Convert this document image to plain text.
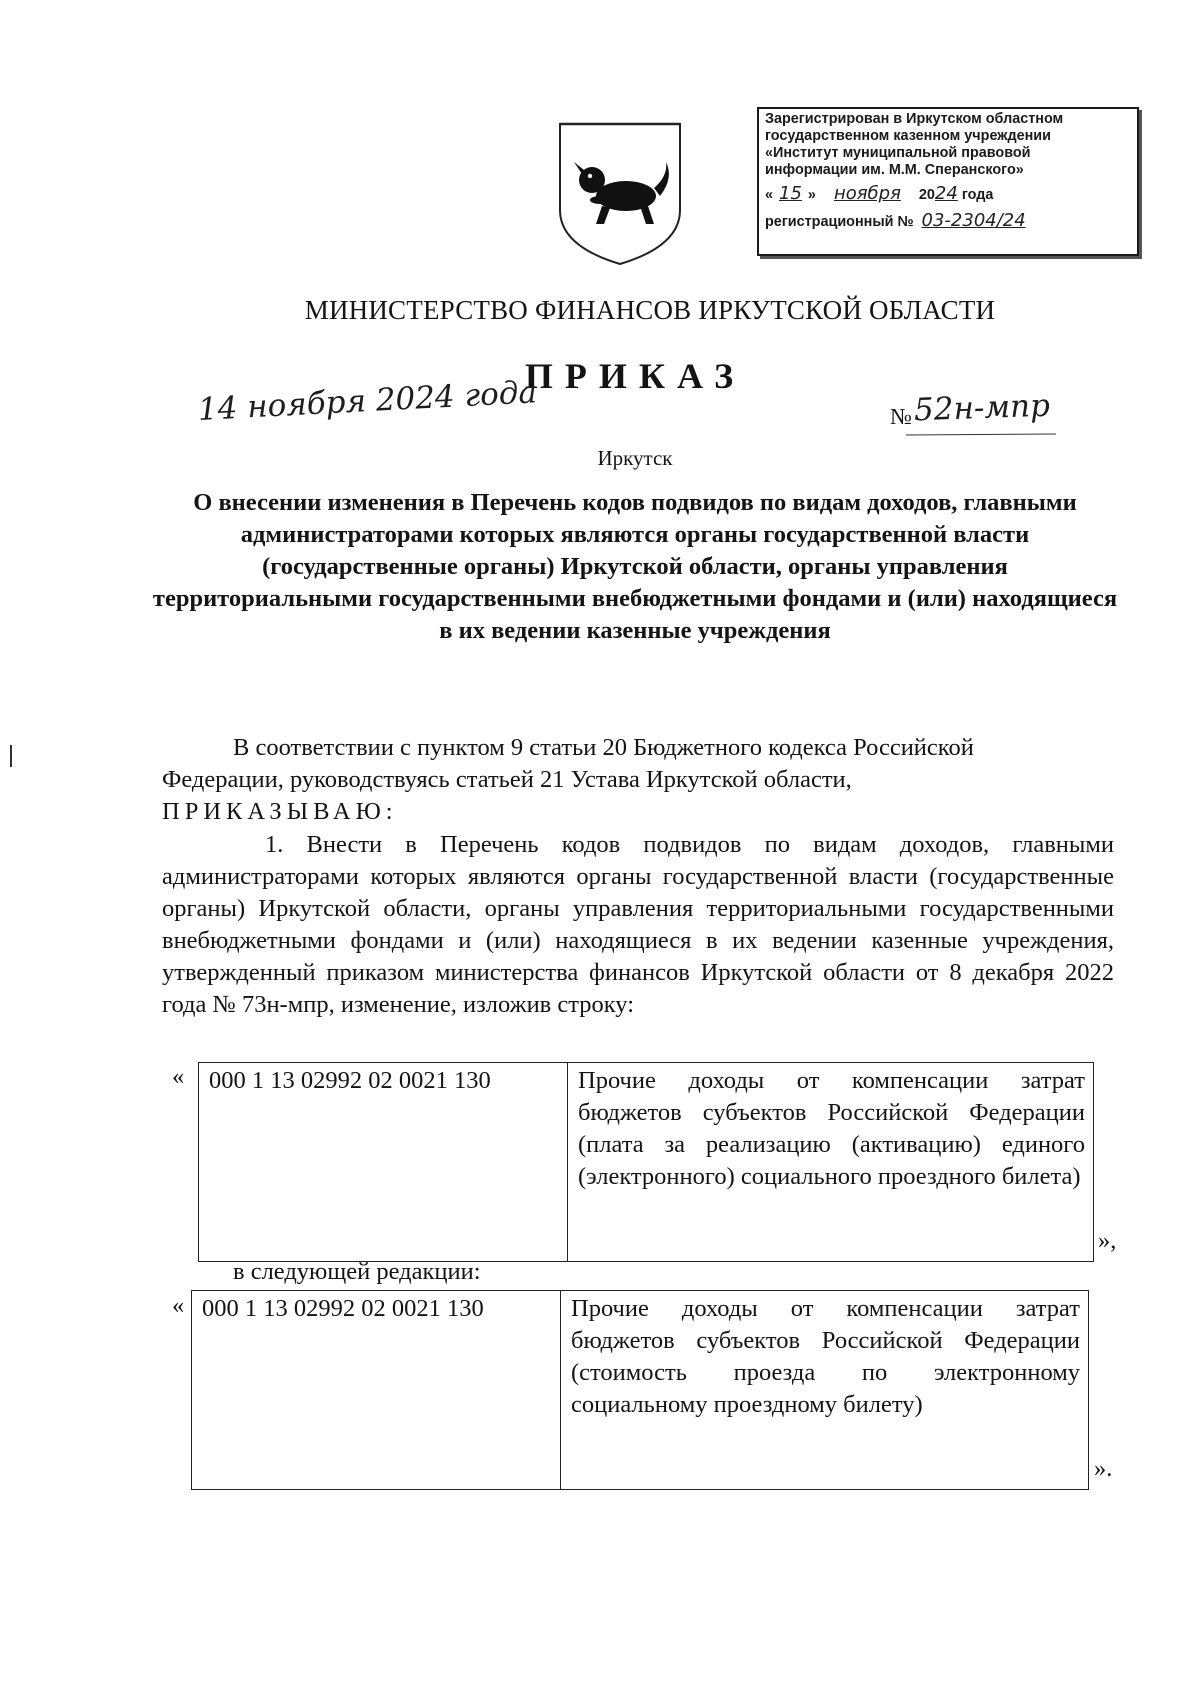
Зарегистрирован в Иркутском областном
государственном казенном учреждении
«Институт муниципальной правовой
информации им. М.М. Сперанского»
« 15 » ноября 2024 года
регистрационный № 03-2304/24
МИНИСТЕРСТВО ФИНАНСОВ ИРКУТСКОЙ ОБЛАСТИ
ПРИКАЗ
14 ноября 2024 года	№ 52н-мпр
Иркутск
О внесении изменения в Перечень кодов подвидов по видам доходов, главными администраторами которых являются органы государственной власти (государственные органы) Иркутской области, органы управления территориальными государственными внебюджетными фондами и (или) находящиеся в их ведении казенные учреждения
В соответствии с пунктом 9 статьи 20 Бюджетного кодекса Российской
Федерации, руководствуясь статьей 21 Устава Иркутской области,
ПРИКАЗЫВАЮ:
1. Внести в Перечень кодов подвидов по видам доходов, главными администраторами которых являются органы государственной власти (государственные органы) Иркутской области, органы управления территориальными государственными внебюджетными фондами и (или) находящиеся в их ведении казенные учреждения, утвержденный приказом министерства финансов Иркутской области от 8 декабря 2022 года № 73н-мпр, изменение, изложив строку:
« 000 1 13 02992 02 0021 130	Прочие доходы от компенсации затрат бюджетов субъектов Российской Федерации (плата за реализацию (активацию) единого (электронного) социального проездного билета)
»,
в следующей редакции:
« 000 1 13 02992 02 0021 130	Прочие доходы от компенсации затрат бюджетов субъектов Российской Федерации (стоимость проезда по электронному социальному проездному билету)
».
